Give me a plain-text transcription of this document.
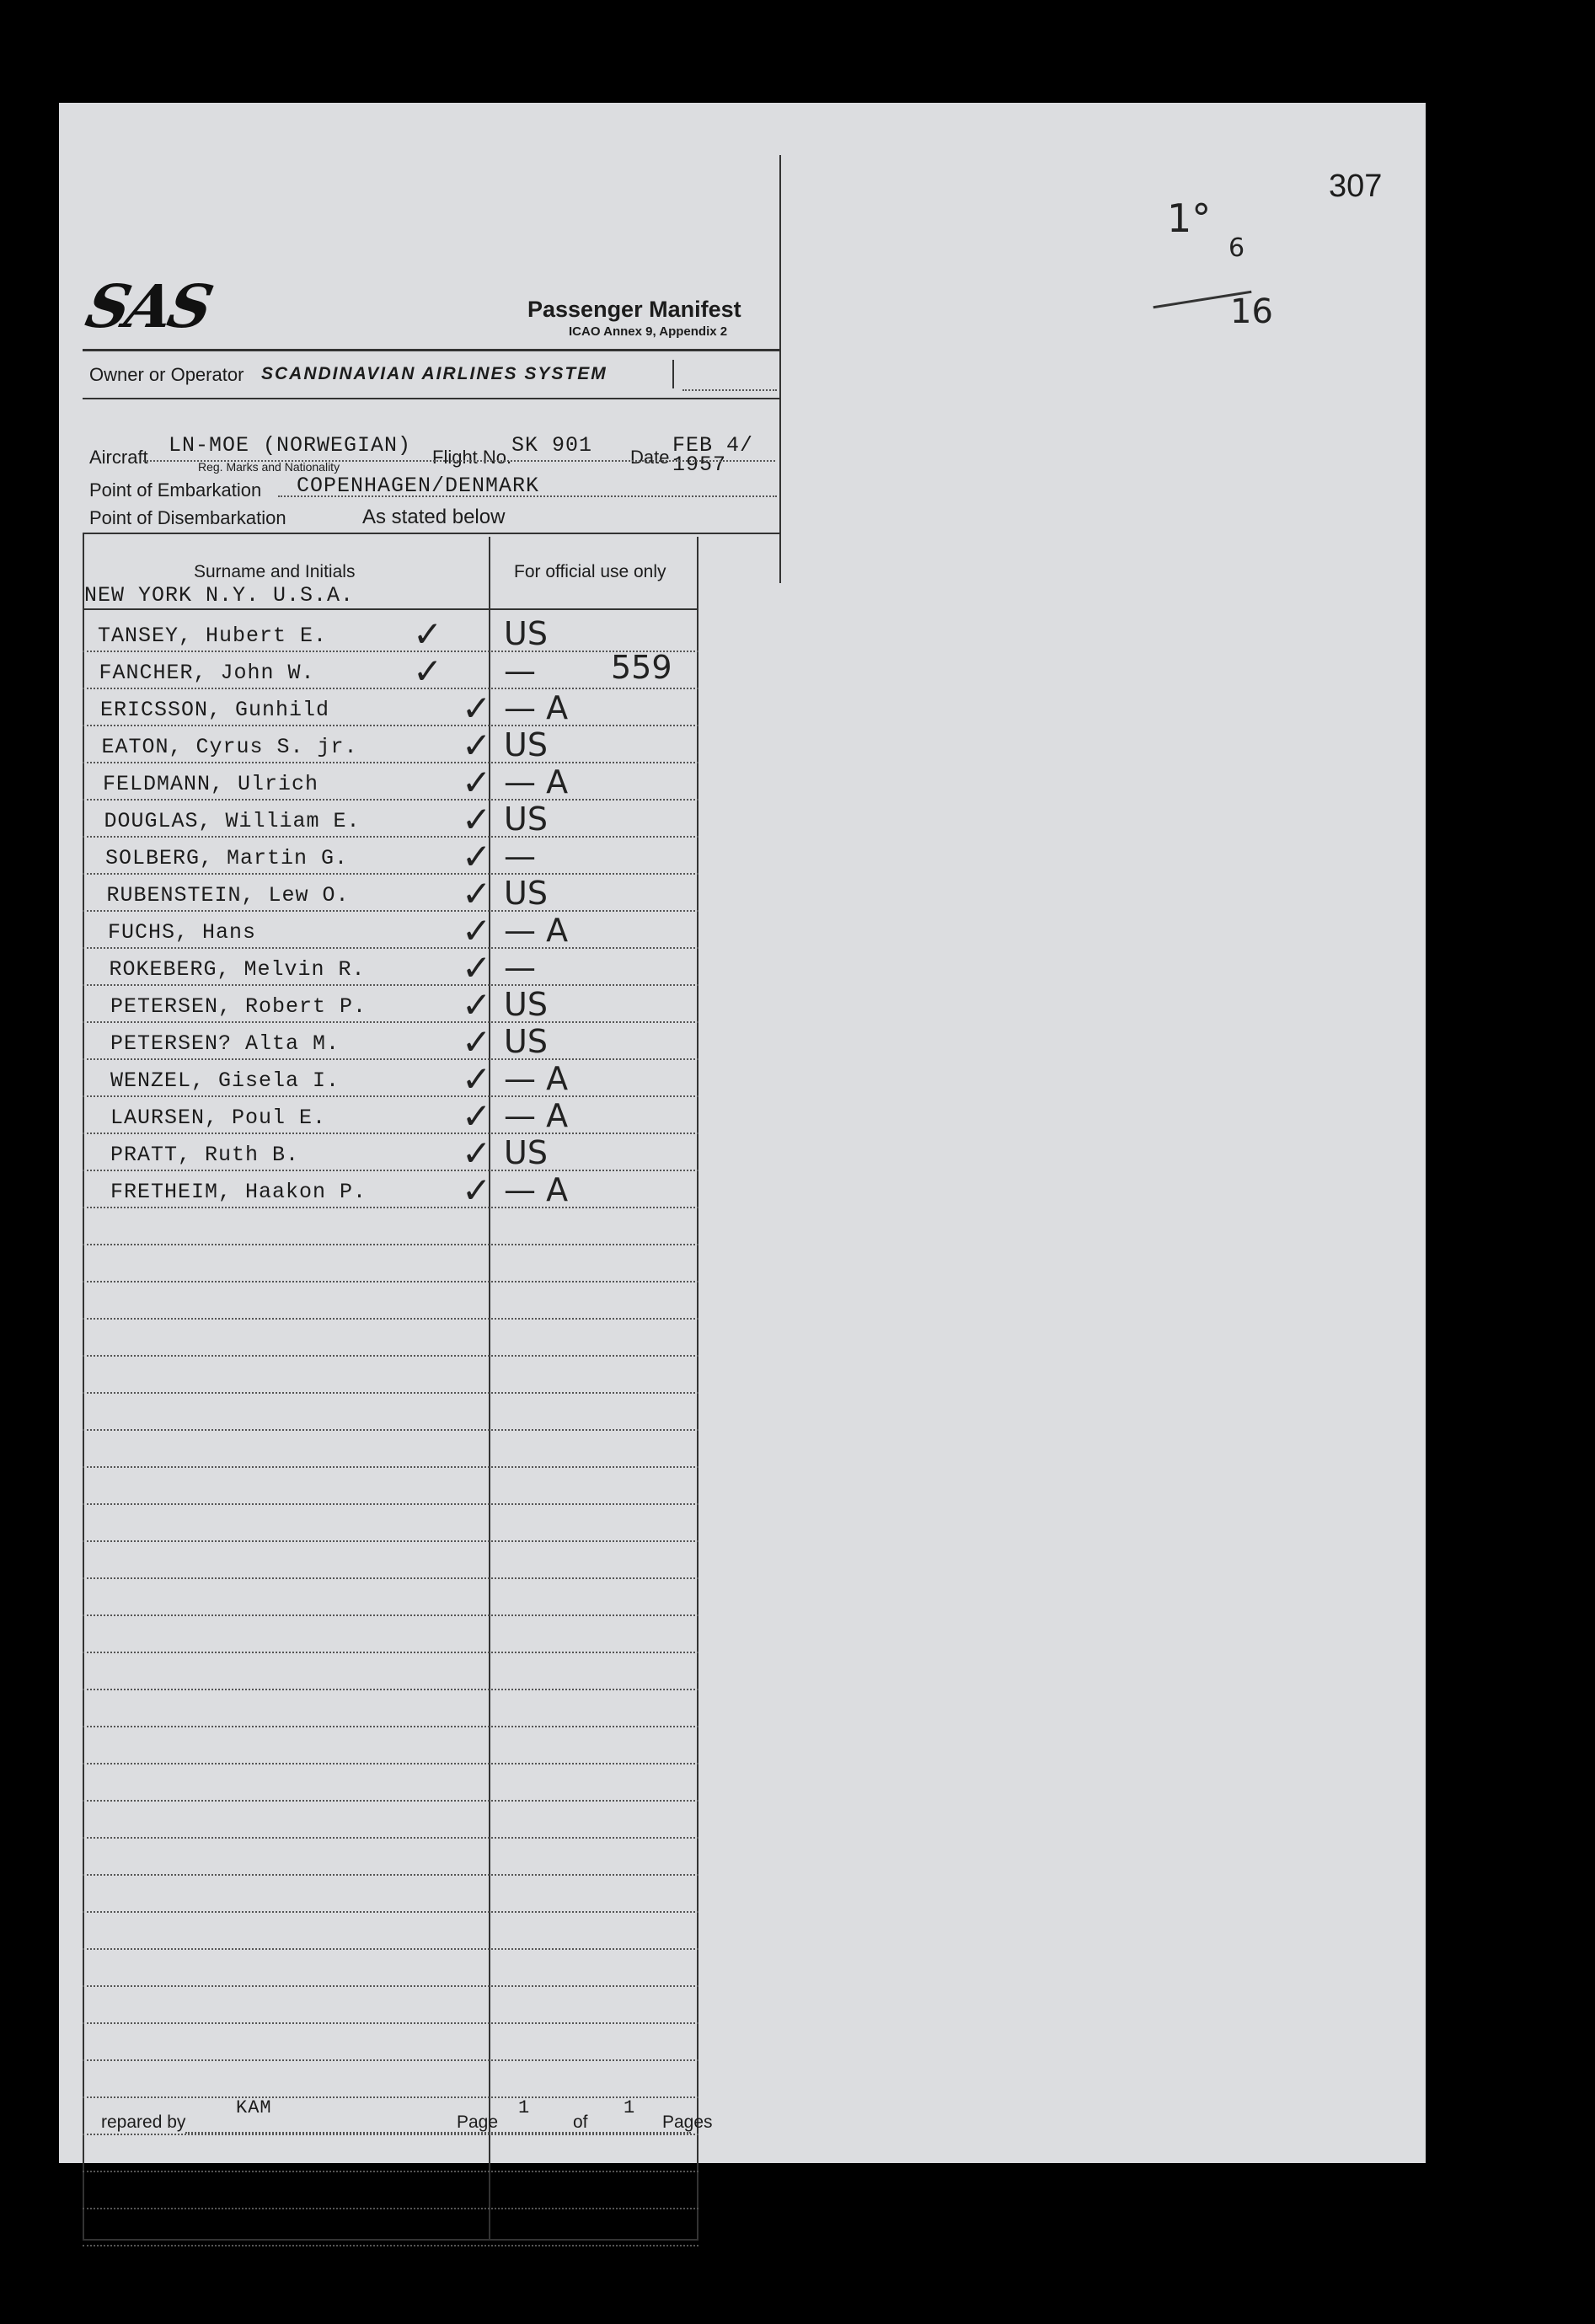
307
1°
6
16
SAS	Passenger Manifest
ICAO Annex 9, Appendix 2
Owner or Operator SCANDINAVIAN AIRLINES SYSTEM
Aircraft LN-MOE (NORWEGIAN)
Reg. Marks and Nationality	Flight No. SK 901 Date FEB 4/
1957
Point of Embarkation COPENHAGEN/DENMARK
Point of Disembarkation	As stated below
Surname and Initials	For official use only
NEW YORK N.Y. U.S.A.
TANSEY, Hubert E. ✓ US
FANCHER, John W.	✓ — 559
ERICSSON, Gunhild	✓ — A
EATON, Cyrus S. jr.	✓ US
FELDMANN, Ulrich	✓ — A
DOUGLAS, William E.	✓ US
SOLBERG, Martin G.	✓ —
RUBENSTEIN, Lew O.	✓ US
FUCHS, Hans	✓ — A
ROKEBERG, Melvin R.	✓ —
PETERSEN, Robert P.	✓ US
PETERSEN? Alta M.	✓ US
WENZEL, Gisela I.	✓ — A
LAURSEN, Poul E.	✓ — A
PRATT, Ruth B.	✓ US
FRETHEIM, Haakon P.	✓ — A
repared by
KAM
Page
1
of
1
Pages
